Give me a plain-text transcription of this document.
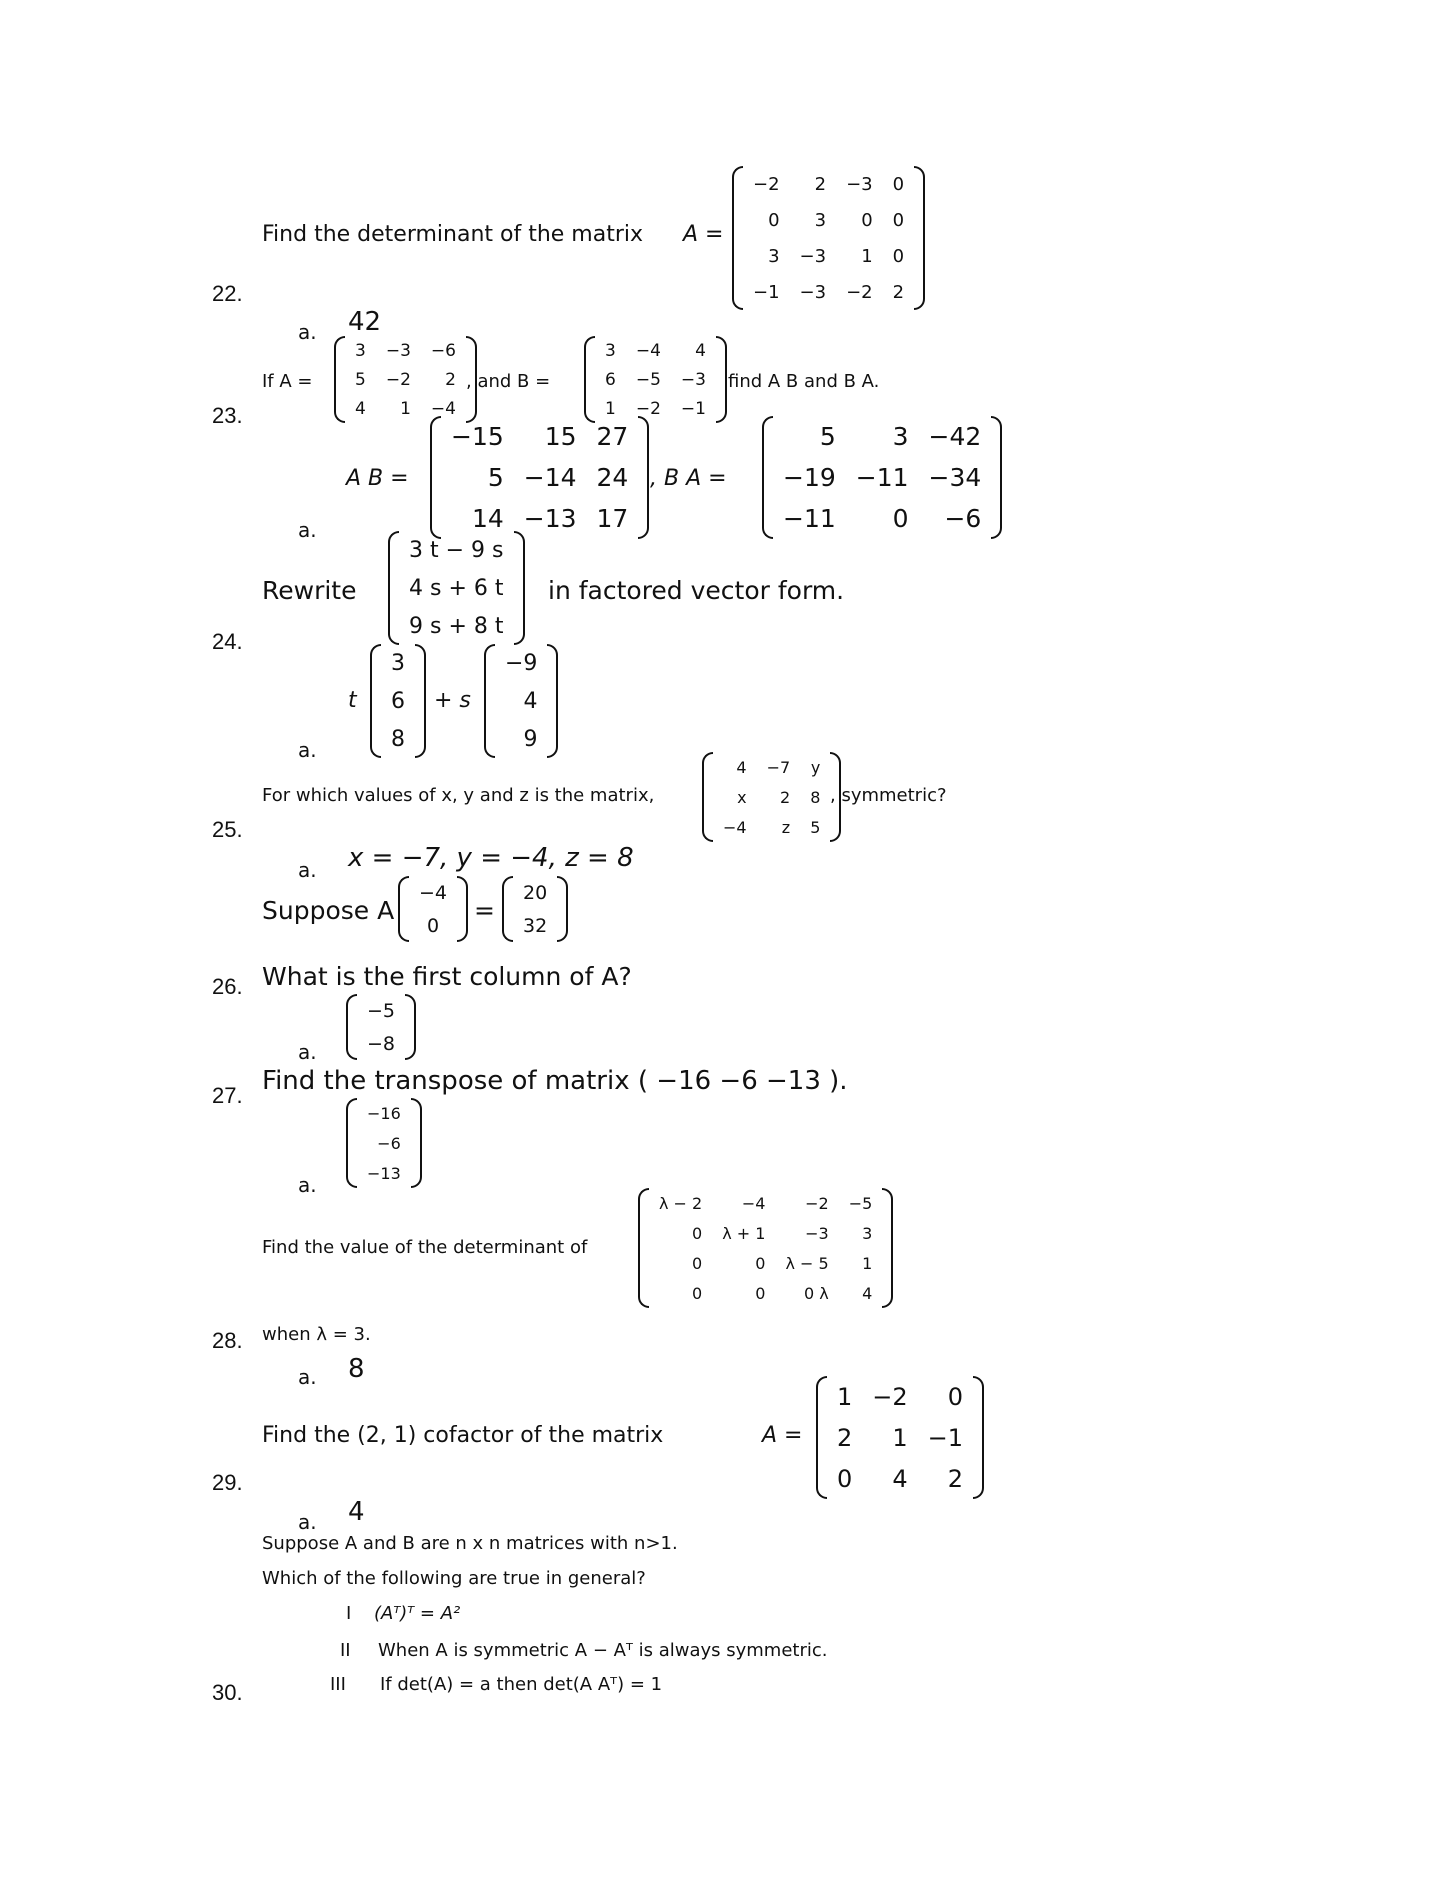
Find the determinant of the matrix A =
−2	2	−3	0
0	3	0	0
3	−3	1	0
−1	−3	−2	2
22.
a. 42
If A =
3	−3	−6
5	−2	2
4	1	−4
, and B =
3	−4	4
6	−5	−3
1	−2	−1
find A B and B A.
23.
A B =
−15	15	27
5	−14	24
14	−13	17
, B A =
5	3	−42
−19	−11	−34
−11	0	−6
a.
Rewrite
3 t − 9 s
4 s + 6 t
9 s + 8 t
in factored vector form.
24.
t
3
6
8
+ s
−9
4
9
a.
For which values of x, y and z is the matrix,
4	−7	y
x	2	8
−4	z	5
, symmetric?
25.
a. x = −7, y = −4, z = 8
Suppose A
−4
0
=
20
32
What is the first column of A?
26.
−5
−8
a.
Find the transpose of matrix ( −16 −6 −13 ).
27.
−16
−6
−13
a.
Find the value of the determinant of
λ − 2	−4	−2	−5
0	λ + 1	−3	3
0	0	λ − 5	1
0	0	0 λ	4
when λ = 3.
28.
a. 8
Find the (2, 1) cofactor of the matrix	A =
1	−2	0
2	1	−1
0	4	2
29.
a. 4
Suppose A and B are n x n matrices with n>1.
Which of the following are true in general?
I (Aᵀ)ᵀ = A²
II When A is symmetric A − Aᵀ is always symmetric.
III If det(A) = a then det(A Aᵀ) = 1
30.
